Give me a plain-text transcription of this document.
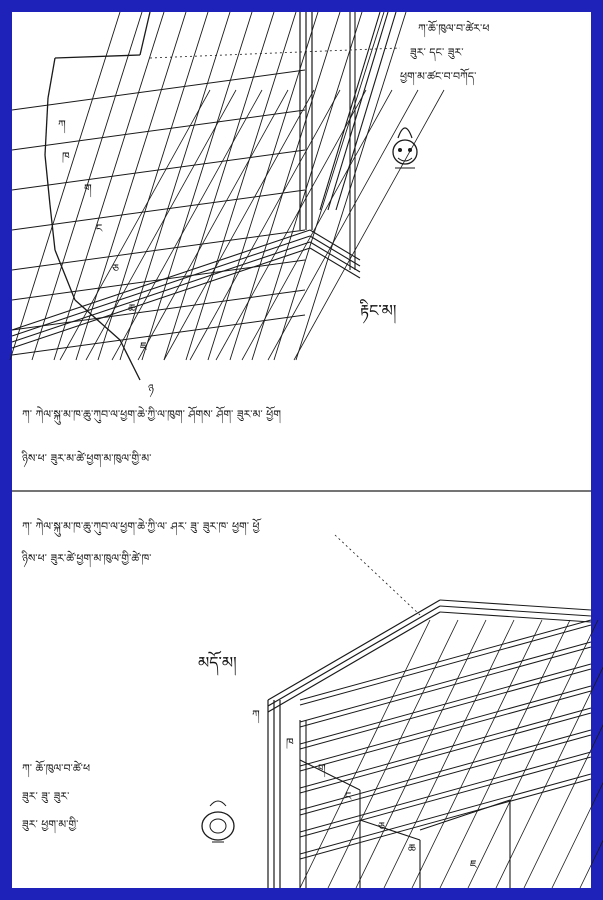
ཀ
ཁ
ག
ང
ཅ
ཆ
ཇ
ཉ
ཀ
ཁ
ག
ང
ཅ
ཆ
ཇ
ཀ་ཆོ་ཁུལ་བ་ཚེར་ཕ
ཟུར་ དང་ ཟུར་
ཕྱག་མ་ཚང་བ་བཀོད་
རྟིང་མ།
ཀ་ ཀེལ་སྐུ་མ་ཁ་ཆུ་ཀུབ་ལ་ཕྱག་ཆེ་ཀྱི་ལ་ཁུག་ ཤོགས་ ཤོག་ ཟུར་མ་ ཕྱོག
ཉིས་ཕ་ ཟུར་མ་ཚེ་ཕྱག་མ་ཁུལ་གྱི་མ་
ཀ་ ཀེལ་སྐུ་མ་ཁ་ཆུ་ཀུབ་ལ་ཕྱག་ཆེ་ཀྱི་ལ་ ཤར་ ཟུ་ ཟུར་ཁ་ ཕྱག་ ཕྱོ
ཉིས་ཕ་ ཟུར་ཚེ་ཕྱག་མ་ཁུལ་གྱི་ཚེ་ཁ་
མདོ་མ།
ཀ་ ཆོ་ཁུལ་བ་ཚེ་ཕ
ཟུར་ ཟུ་ ཟུར་
ཟུར་ ཕྱག་མ་གྱི་
